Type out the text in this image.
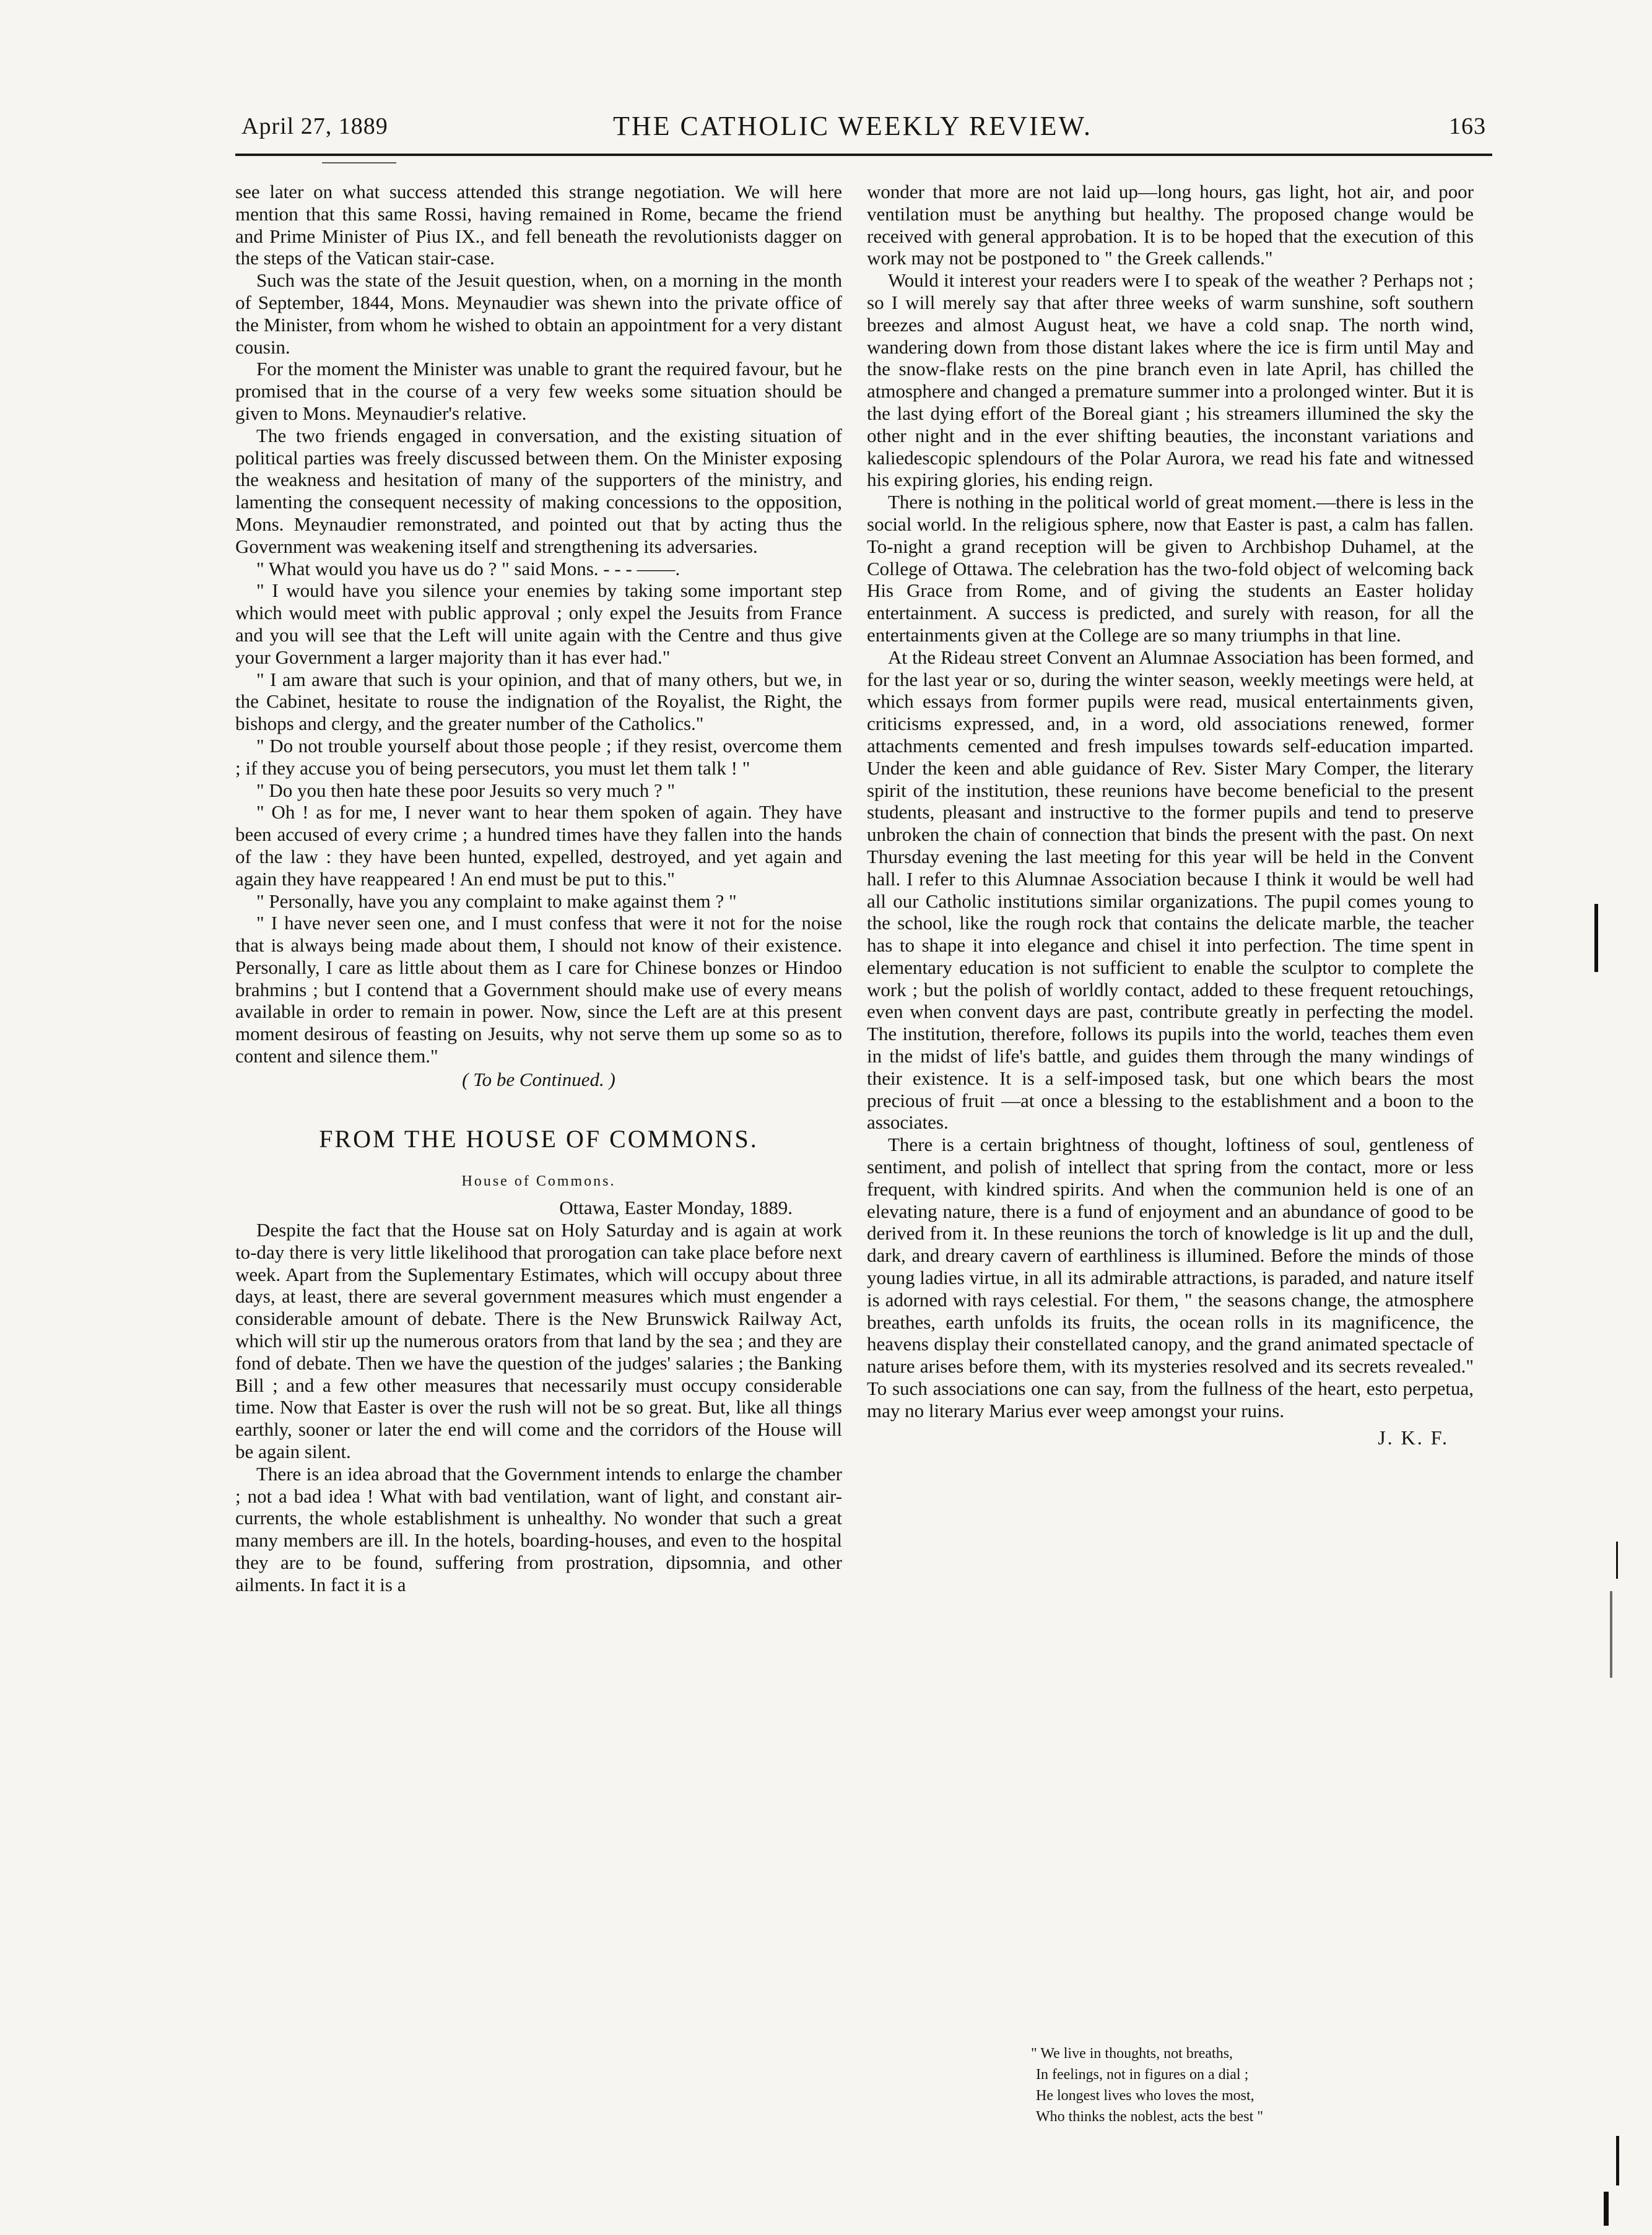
April 27, 1889	THE CATHOLIC WEEKLY REVIEW.	163

see later on what success attended this strange negotiation. We will here mention that this same Rossi, having remained in Rome, became the friend and Prime Minister of Pius IX., and fell beneath the revolutionists dagger on the steps of the Vatican stair-case.

Such was the state of the Jesuit question, when, on a morning in the month of September, 1844, Mons. Meynaudier was shewn into the private office of the Minister, from whom he wished to obtain an appointment for a very distant cousin.

For the moment the Minister was unable to grant the required favour, but he promised that in the course of a very few weeks some situation should be given to Mons. Meynaudier's relative.

The two friends engaged in conversation, and the existing situation of political parties was freely discussed between them. On the Minister exposing the weakness and hesitation of many of the supporters of the ministry, and lamenting the consequent necessity of making concessions to the opposition, Mons. Meynaudier remonstrated, and pointed out that by acting thus the Government was weakening itself and strengthening its adversaries.

" What would you have us do ? " said Mons. - - - ——.

" I would have you silence your enemies by taking some important step which would meet with public approval ; only expel the Jesuits from France and you will see that the Left will unite again with the Centre and thus give your Government a larger majority than it has ever had."

" I am aware that such is your opinion, and that of many others, but we, in the Cabinet, hesitate to rouse the indignation of the Royalist, the Right, the bishops and clergy, and the greater number of the Catholics."

" Do not trouble yourself about those people ; if they resist, overcome them ; if they accuse you of being persecutors, you must let them talk ! "

" Do you then hate these poor Jesuits so very much ? "

" Oh ! as for me, I never want to hear them spoken of again. They have been accused of every crime ; a hundred times have they fallen into the hands of the law : they have been hunted, expelled, destroyed, and yet again and again they have reappeared ! An end must be put to this."

" Personally, have you any complaint to make against them ? "

" I have never seen one, and I must confess that were it not for the noise that is always being made about them, I should not know of their existence. Personally, I care as little about them as I care for Chinese bonzes or Hindoo brahmins ; but I contend that a Government should make use of every means available in order to remain in power. Now, since the Left are at this present moment desirous of feasting on Jesuits, why not serve them up some so as to content and silence them."

( To be Continued. )

FROM THE HOUSE OF COMMONS.
House of Commons.

Ottawa, Easter Monday, 1889.

Despite the fact that the House sat on Holy Saturday and is again at work to-day there is very little likelihood that prorogation can take place before next week. Apart from the Suplementary Estimates, which will occupy about three days, at least, there are several government measures which must engender a considerable amount of debate. There is the New Brunswick Railway Act, which will stir up the numerous orators from that land by the sea ; and they are fond of debate. Then we have the question of the judges' salaries ; the Banking Bill ; and a few other measures that necessarily must occupy considerable time. Now that Easter is over the rush will not be so great. But, like all things earthly, sooner or later the end will come and the corridors of the House will be again silent.

There is an idea abroad that the Government intends to enlarge the chamber ; not a bad idea ! What with bad ventilation, want of light, and constant air-currents, the whole establishment is unhealthy. No wonder that such a great many members are ill. In the hotels, boarding-houses, and even to the hospital they are to be found, suffering from prostration, dipsomnia, and other ailments. In fact it is a

wonder that more are not laid up—long hours, gas light, hot air, and poor ventilation must be anything but healthy. The proposed change would be received with general approbation. It is to be hoped that the execution of this work may not be postponed to " the Greek callends."

Would it interest your readers were I to speak of the weather ? Perhaps not ; so I will merely say that after three weeks of warm sunshine, soft southern breezes and almost August heat, we have a cold snap. The north wind, wandering down from those distant lakes where the ice is firm until May and the snow-flake rests on the pine branch even in late April, has chilled the atmosphere and changed a premature summer into a prolonged winter. But it is the last dying effort of the Boreal giant ; his streamers illumined the sky the other night and in the ever shifting beauties, the inconstant variations and kaliedescopic splendours of the Polar Aurora, we read his fate and witnessed his expiring glories, his ending reign.

There is nothing in the political world of great moment.—there is less in the social world. In the religious sphere, now that Easter is past, a calm has fallen. To-night a grand reception will be given to Archbishop Duhamel, at the College of Ottawa. The celebration has the two-fold object of welcoming back His Grace from Rome, and of giving the students an Easter holiday entertainment. A success is predicted, and surely with reason, for all the entertainments given at the College are so many triumphs in that line.

At the Rideau street Convent an Alumnae Association has been formed, and for the last year or so, during the winter season, weekly meetings were held, at which essays from former pupils were read, musical entertainments given, criticisms expressed, and, in a word, old associations renewed, former attachments cemented and fresh impulses towards self-education imparted. Under the keen and able guidance of Rev. Sister Mary Comper, the literary spirit of the institution, these reunions have become beneficial to the present students, pleasant and instructive to the former pupils and tend to preserve unbroken the chain of connection that binds the present with the past. On next Thursday evening the last meeting for this year will be held in the Convent hall. I refer to this Alumnae Association because I think it would be well had all our Catholic institutions similar organizations. The pupil comes young to the school, like the rough rock that contains the delicate marble, the teacher has to shape it into elegance and chisel it into perfection. The time spent in elementary education is not sufficient to enable the sculptor to complete the work ; but the polish of worldly contact, added to these frequent retouchings, even when convent days are past, contribute greatly in perfecting the model. The institution, therefore, follows its pupils into the world, teaches them even in the midst of life's battle, and guides them through the many windings of their existence. It is a self-imposed task, but one which bears the most precious of fruit —at once a blessing to the establishment and a boon to the associates.

There is a certain brightness of thought, loftiness of soul, gentleness of sentiment, and polish of intellect that spring from the contact, more or less frequent, with kindred spirits. And when the communion held is one of an elevating nature, there is a fund of enjoyment and an abundance of good to be derived from it. In these reunions the torch of knowledge is lit up and the dull, dark, and dreary cavern of earthliness is illumined. Before the minds of those young ladies virtue, in all its admirable attractions, is paraded, and nature itself is adorned with rays celestial. For them, " the seasons change, the atmosphere breathes, earth unfolds its fruits, the ocean rolls in its magnificence, the heavens display their constellated canopy, and the grand animated spectacle of nature arises before them, with its mysteries resolved and its secrets revealed." To such associations one can say, from the fullness of the heart, esto perpetua, may no literary Marius ever weep amongst your ruins.

J. K. F.
" We live in thoughts, not breaths,
In feelings, not in figures on a dial ;
He longest lives who loves the most,
Who thinks the noblest, acts the best "
